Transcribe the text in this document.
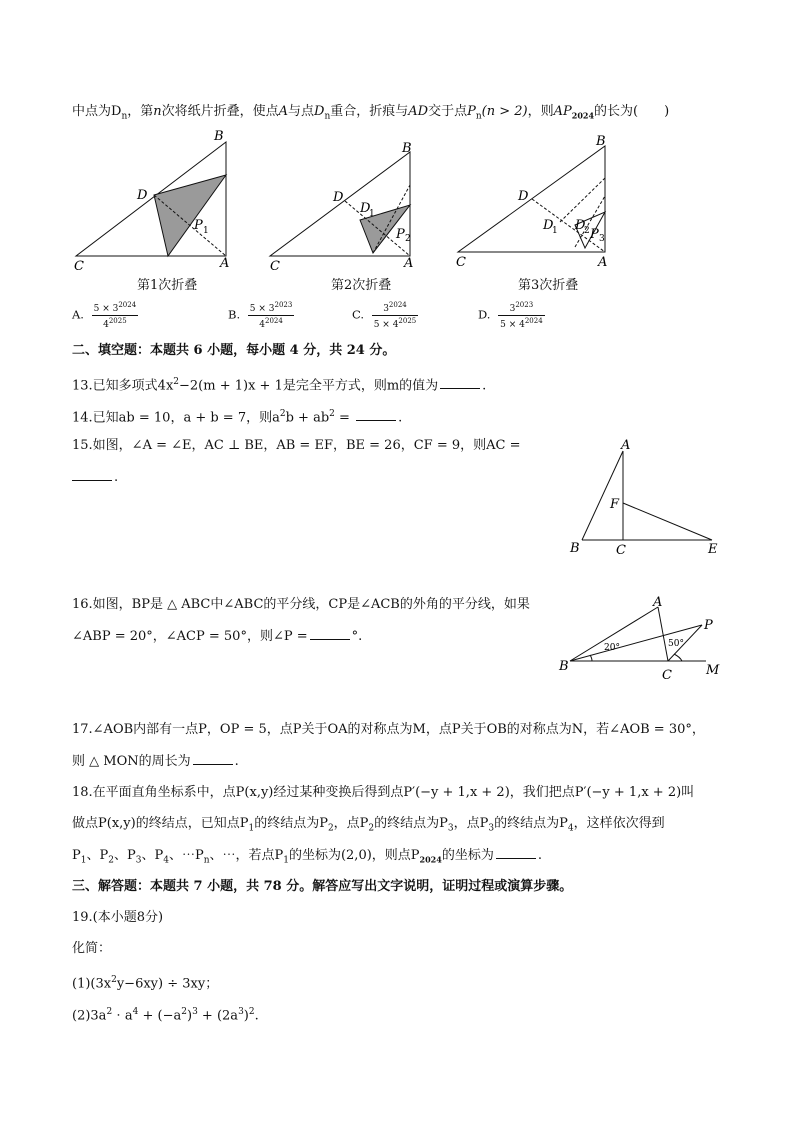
中点为$D_n$，第n次将纸片折叠，使点A与点$D_n$重合，折痕与AD交于点$P_n(n > 2)$，则$AP_{2024}$的长为( )
B
D
C	A
P 1
B
D
D
1
C	A
P 2
B
D
D
1 D
2
C	A
P 3
第1次折叠	第2次折叠	第3次折叠
A. $\frac{5 \times 3^{2024}}{4^{2025}}$	B. $\frac{5 \times 3^{2023}}{4^{2024}}$	C. $\frac{3^{2024}}{5 \times 4^{2025}}$	D. $\frac{3^{2023}}{5 \times 4^{2024}}$
二、填空题：本题共 6 小题，每小题 4 分，共 24 分。
13.已知多项式$4x^2-2(m + 1)x + 1$是完全平方式，则m的值为	.
14.已知ab = 10，a + b = 7，则$a^2b + ab^2$ =	.
15.如图，∠A = ∠E，AC ⊥ BE，AB = EF，BE = 26，CF = 9，则AC =
.
A
F
B	C	E
16.如图，BP是 △ ABC中∠ABC的平分线，CP是∠ACB的外角的平分线，如果
∠ABP = 20°，∠ACP = 50°，则∠P =	°.
A
P
B
C	M
20°	50°
17.∠AOB内部有一点P，OP = 5，点P关于OA的对称点为M，点P关于OB的对称点为N，若∠AOB = 30°，
则 △ MON的周长为	.
18.在平面直角坐标系中，点P(x,y)经过某种变换后得到点P′(−y + 1,x + 2)，我们把点P′(−y + 1,x + 2)叫
做点P(x,y)的终结点，已知点$P_1$的终结点为$P_2$，点$P_2$的终结点为$P_3$，点$P_3$的终结点为$P_4$，这样依次得到
$P_1$、$P_2$、$P_3$、$P_4$、$\cdots P_n$、⋯，若点$P_1$的坐标为(2,0)，则点$P_{2024}$的坐标为	.
三、解答题：本题共 7 小题，共 78 分。解答应写出文字说明，证明过程或演算步骤。
19.(本小题8分)
化简：
$(1)(3x^2y-6xy) \div 3xy$；
$(2)3a^2 \cdot a^4 + (-a^2)^3 + (2a^3)^2$.
